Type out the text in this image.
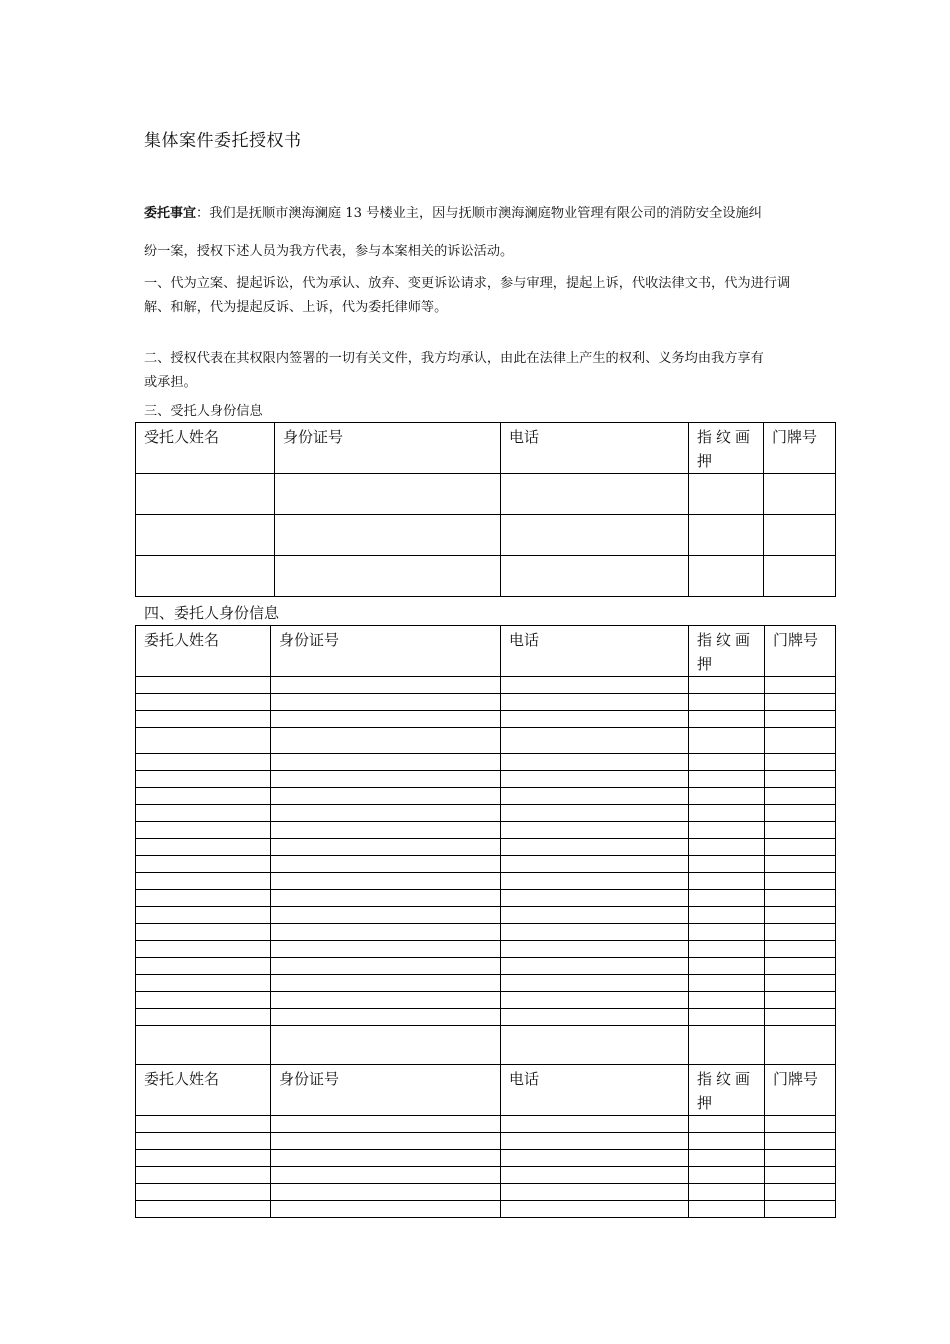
集体案件委托授权书
委托事宜：我们是抚顺市澳海澜庭 13 号楼业主，因与抚顺市澳海澜庭物业管理有限公司的消防安全设施纠
纷一案，授权下述人员为我方代表，参与本案相关的诉讼活动。
一、代为立案、提起诉讼，代为承认、放弃、变更诉讼请求，参与审理，提起上诉，代收法律文书，代为进行调
解、和解，代为提起反诉、上诉，代为委托律师等。
二、授权代表在其权限内签署的一切有关文件，我方均承认，由此在法律上产生的权利、义务均由我方享有
或承担。
三、受托人身份信息
受托人姓名	身份证号	电话	指纹画押	门牌号

四、委托人身份信息
委托人姓名	身份证号	电话	指纹画押	门牌号

委托人姓名	身份证号	电话	指纹画押	门牌号
